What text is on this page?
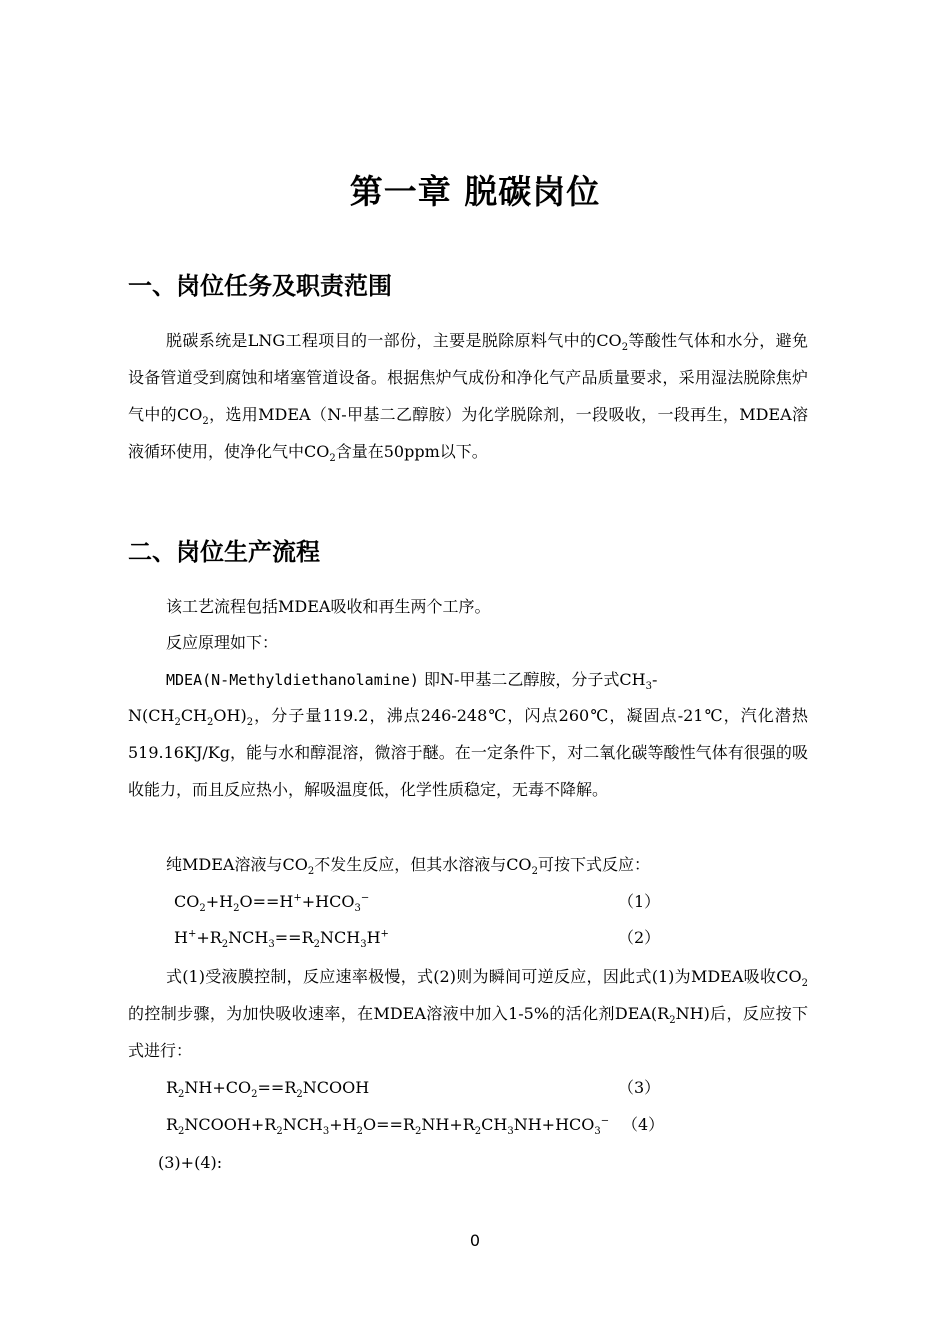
第一章 脱碳岗位
一、岗位任务及职责范围

脱碳系统是LNG工程项目的一部份，主要是脱除原料气中的$CO_2$等酸性气体和水分，避免设备管道受到腐蚀和堵塞管道设备。根据焦炉气成份和净化气产品质量要求，采用湿法脱除焦炉气中的$CO_2$，选用MDEA（N-甲基二乙醇胺）为化学脱除剂，一段吸收，一段再生，MDEA溶液循环使用，使净化气中$CO_2$含量在50ppm以下。

二、岗位生产流程

该工艺流程包括MDEA吸收和再生两个工序。

反应原理如下：

MDEA(N-Methyldiethanolamine) 即N-甲基二乙醇胺，分子式$CH_3-$

$N(CH_2CH_2OH)_2$，分子量119.2，沸点246-248℃，闪点260℃，凝固点-21℃，汽化潜热519.16KJ/Kg，能与水和醇混溶，微溶于醚。在一定条件下，对二氧化碳等酸性气体有很强的吸收能力，而且反应热小，解吸温度低，化学性质稳定，无毒不降解。

纯MDEA溶液与$CO_2$不发生反应，但其水溶液与$CO_2$可按下式反应：

$CO_2+H_2O==H^++HCO_3^-$	（1）

$H^++R_2NCH_3==R_2NCH_3H^+$	（2）

式(1)受液膜控制，反应速率极慢，式(2)则为瞬间可逆反应，因此式(1)为MDEA吸收$CO_2$的控制步骤，为加快吸收速率，在MDEA溶液中加入1-5%的活化剂$DEA(R_2NH)$后，反应按下式进行：

$R_2NH+CO_2==R_2NCOOH$	（3）

$R_2NCOOH+R_2NCH_3+H_2O==R_2NH+R_2CH_3NH+HCO_3^-$ （4）

(3)+(4):

0
